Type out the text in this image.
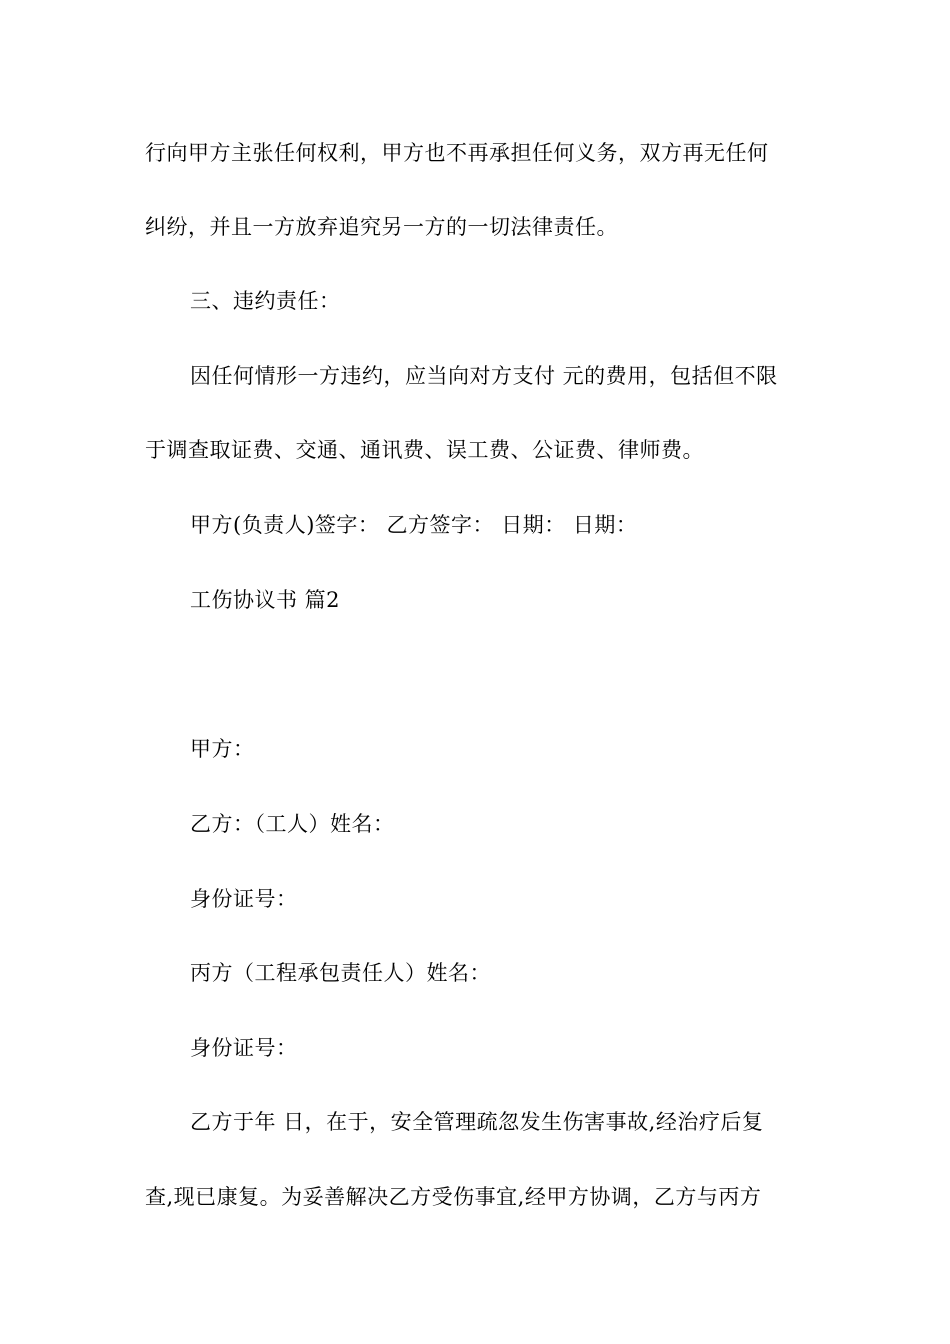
行向甲方主张任何权利，甲方也不再承担任何义务，双方再无任何
纠纷，并且一方放弃追究另一方的一切法律责任。
三、违约责任：
因任何情形一方违约，应当向对方支付 元的费用，包括但不限
于调查取证费、交通、通讯费、误工费、公证费、律师费。
甲方(负责人)签字： 乙方签字： 日期： 日期：
工伤协议书 篇2
甲方：
乙方：（工人）姓名：
身份证号：
丙方（工程承包责任人）姓名：
身份证号：
乙方于年 日，在于，安全管理疏忽发生伤害事故,经治疗后复
查,现已康复。为妥善解决乙方受伤事宜,经甲方协调，乙方与丙方
